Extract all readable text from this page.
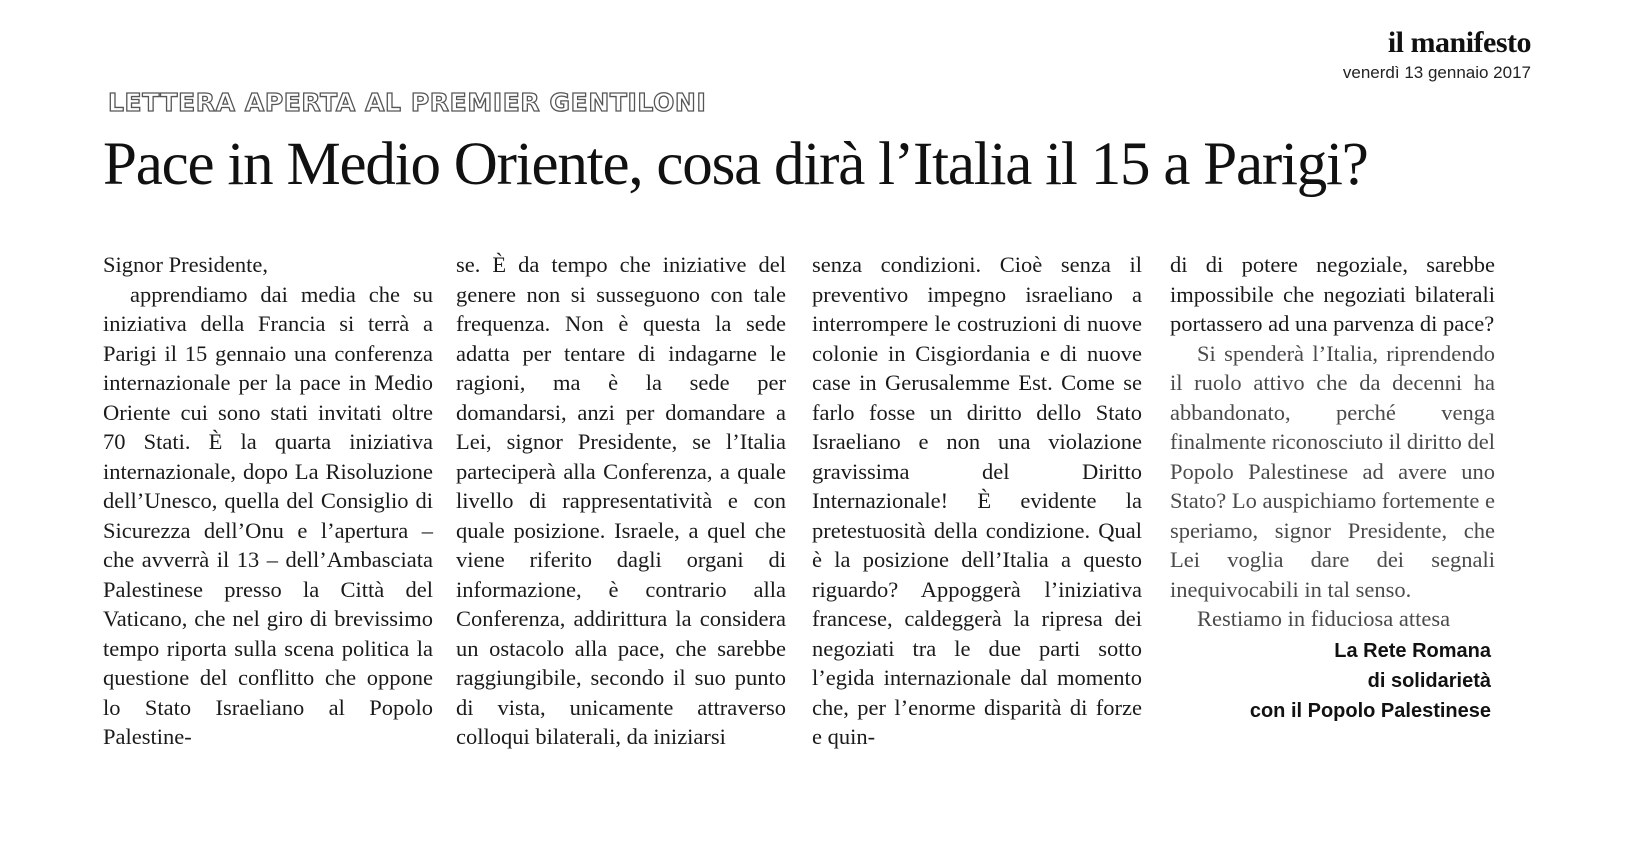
il manifesto
venerdì 13 gennaio 2017
LETTERA APERTA AL PREMIER GENTILONI
Pace in Medio Oriente, cosa dirà l’Italia il 15 a Parigi?

Signor Presidente,

apprendiamo dai media che su iniziativa della Francia si terrà a Parigi il 15 gennaio una conferenza internazionale per la pace in Medio Oriente cui sono stati invitati oltre 70 Stati. È la quarta iniziativa internazionale, dopo La Risoluzione dell’Unesco, quella del Consiglio di Sicurezza dell’Onu e l’apertura – che avverrà il 13 – dell’Ambasciata Palestinese presso la Città del Vaticano, che nel giro di brevissimo tempo riporta sulla scena politica la questione del conflitto che oppone lo Stato Israeliano al Popolo Palestine-

se. È da tempo che iniziative del genere non si susseguono con tale frequenza. Non è questa la sede adatta per tentare di indagarne le ragioni, ma è la sede per domandarsi, anzi per domandare a Lei, signor Presidente, se l’Italia parteciperà alla Conferenza, a quale livello di rappresentatività e con quale posizione. Israele, a quel che viene riferito dagli organi di informazione, è contrario alla Conferenza, addirittura la considera un ostacolo alla pace, che sarebbe raggiungibile, secondo il suo punto di vista, unicamente attraverso colloqui bilaterali, da iniziarsi

senza condizioni. Cioè senza il preventivo impegno israeliano a interrompere le costruzioni di nuove colonie in Cisgiordania e di nuove case in Gerusalemme Est. Come se farlo fosse un diritto dello Stato Israeliano e non una violazione gravissima del Diritto Internazionale! È evidente la pretestuosità della condizione. Qual è la posizione dell’Italia a questo riguardo? Appoggerà l’iniziativa francese, caldeggerà la ripresa dei negoziati tra le due parti sotto l’egida internazionale dal momento che, per l’enorme disparità di forze e quin-

di di potere negoziale, sarebbe impossibile che negoziati bilaterali portassero ad una parvenza di pace?

Si spenderà l’Italia, riprendendo il ruolo attivo che da decenni ha abbandonato, perché venga finalmente riconosciuto il diritto del Popolo Palestinese ad avere uno Stato? Lo auspichiamo fortemente e speriamo, signor Presidente, che Lei voglia dare dei segnali inequivocabili in tal senso.

Restiamo in fiduciosa attesa

La Rete Romana
di solidarietà
con il Popolo Palestinese
